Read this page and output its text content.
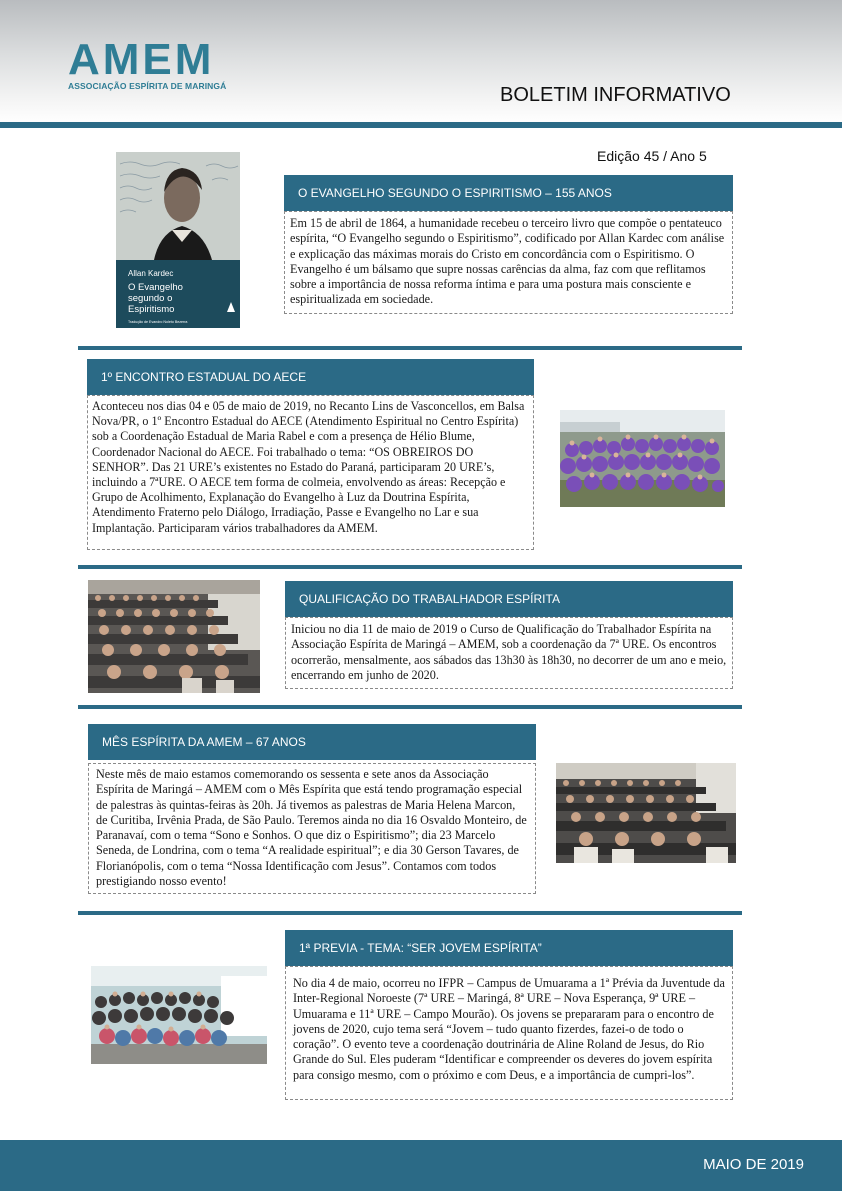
AMEM
ASSOCIAÇÃO ESPÍRITA DE MARINGÁ	BOLETIM INFORMATIVO
Edição 45 / Ano 5
Allan Kardec
O Evangelho
segundo o
Espiritismo
Tradução de Evandro Noleto Bezerra
O EVANGELHO SEGUNDO O ESPIRITISMO – 155 ANOS
Em 15 de abril de 1864, a humanidade recebeu o terceiro livro que compõe o pentateuco espírita, “O Evangelho segundo o Espiritismo”, codificado por Allan Kardec com análise e explicação das máximas morais do Cristo em concordância com o Espiritismo. O Evangelho é um bálsamo que supre nossas carências da alma, faz com que reflitamos sobre a importância de nossa reforma íntima e para uma postura mais consciente e espiritualizada em sociedade.
1º ENCONTRO ESTADUAL DO AECE
Aconteceu nos dias 04 e 05 de maio de 2019, no Recanto Lins de Vasconcellos, em Balsa Nova/PR, o 1º Encontro Estadual do AECE (Atendimento Espiritual no Centro Espírita) sob a Coordenação Estadual de Maria Rabel e com a presença de Hélio Blume, Coordenador Nacional do AECE. Foi trabalhado o tema: “OS OBREIROS DO SENHOR”. Das 21 URE’s existentes no Estado do Paraná, participaram 20 URE’s, incluindo a 7ªURE. O AECE tem forma de colmeia, envolvendo as áreas: Recepção e Grupo de Acolhimento, Explanação do Evangelho à Luz da Doutrina Espírita, Atendimento Fraterno pelo Diálogo, Irradiação, Passe e Evangelho no Lar e sua Implantação. Participaram vários trabalhadores da AMEM.
QUALIFICAÇÃO DO TRABALHADOR ESPÍRITA
Iniciou no dia 11 de maio de 2019 o Curso de Qualificação do Trabalhador Espírita na Associação Espírita de Maringá – AMEM, sob a coordenação da 7ª URE. Os encontros ocorrerão, mensalmente, aos sábados das 13h30 às 18h30, no decorrer de um ano e meio, encerrando em junho de 2020.
MÊS ESPÍRITA DA AMEM – 67 ANOS
Neste mês de maio estamos comemorando os sessenta e sete anos da Associação Espírita de Maringá – AMEM com o Mês Espírita que está tendo programação especial de palestras às quintas-feiras às 20h. Já tivemos as palestras de Maria Helena Marcon, de Curitiba, Irvênia Prada, de São Paulo. Teremos ainda no dia 16 Osvaldo Monteiro, de Paranavaí, com o tema “Sono e Sonhos. O que diz o Espiritismo”; dia 23 Marcelo Seneda, de Londrina, com o tema “A realidade espiritual”; e dia 30 Gerson Tavares, de Florianópolis, com o tema “Nossa Identificação com Jesus”. Contamos com todos prestigiando nosso evento!
1ª PREVIA - TEMA: “SER JOVEM ESPÍRITA”
No dia 4 de maio, ocorreu no IFPR – Campus de Umuarama a 1ª Prévia da Juventude da Inter-Regional Noroeste (7ª URE – Maringá, 8ª URE – Nova Esperança, 9ª URE – Umuarama e 11ª URE – Campo Mourão). Os jovens se prepararam para o encontro de jovens de 2020, cujo tema será “Jovem – tudo quanto fizerdes, fazei-o de todo o coração”. O evento teve a coordenação doutrinária de Aline Roland de Jesus, do Rio Grande do Sul. Eles puderam “Identificar e compreender os deveres do jovem espírita para consigo mesmo, com o próximo e com Deus, e a importância de cumpri-los”.
MAIO DE 2019
